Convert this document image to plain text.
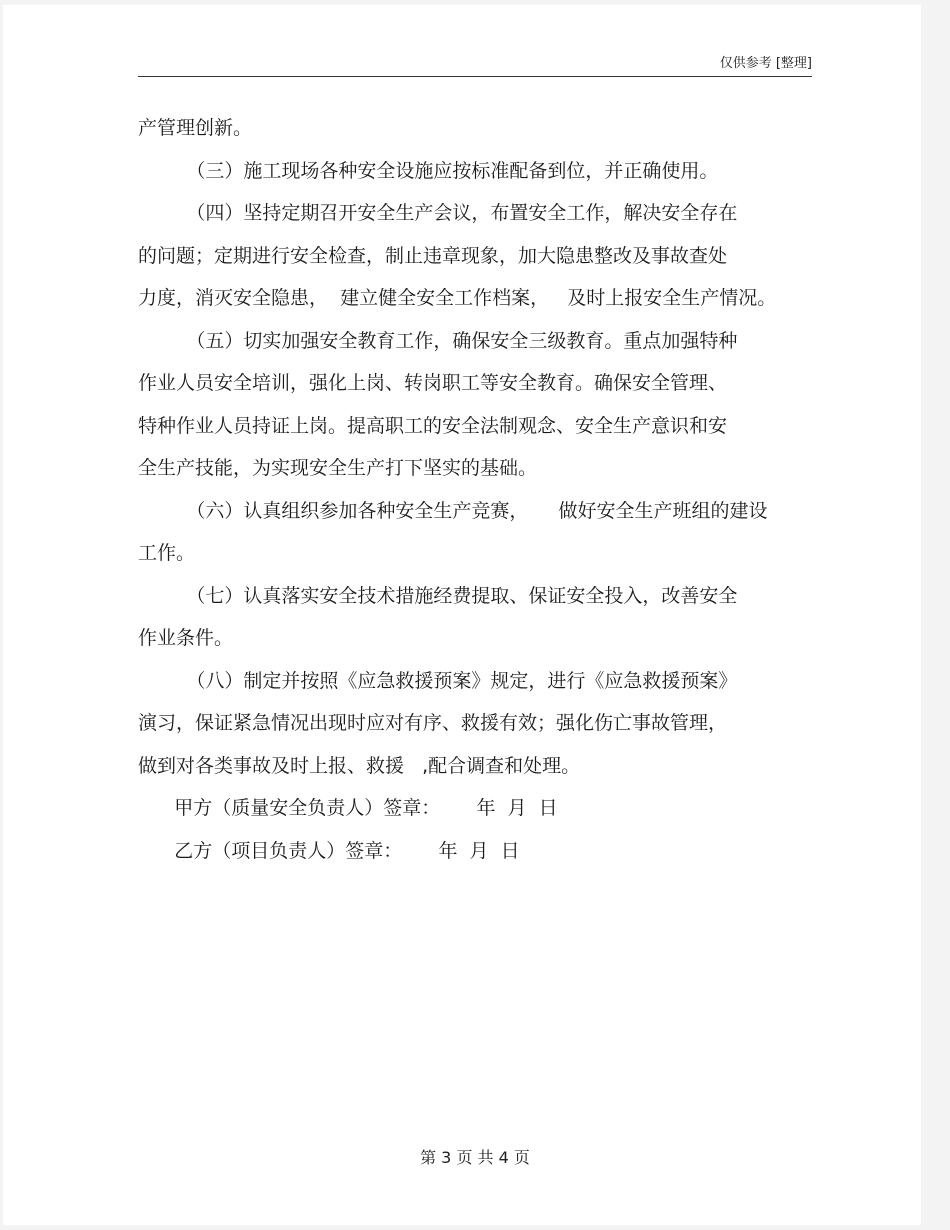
仅供参考 [整理]
产管理创新。
（三）施工现场各种安全设施应按标准配备到位，并正确使用。
（四）坚持定期召开安全生产会议，布置安全工作，解决安全存在
的问题；定期进行安全检查，制止违章现象，加大隐患整改及事故查处
力度，消灭安全隐患，  建立健全安全工作档案，   及时上报安全生产情况。
（五）切实加强安全教育工作，确保安全三级教育。重点加强特种
作业人员安全培训，强化上岗、转岗职工等安全教育。确保安全管理、
特种作业人员持证上岗。提高职工的安全法制观念、安全生产意识和安
全生产技能，为实现安全生产打下坚实的基础。
（六）认真组织参加各种安全生产竞赛，     做好安全生产班组的建设
工作。
（七）认真落实安全技术措施经费提取、保证安全投入，改善安全
作业条件。
（八）制定并按照《应急救援预案》规定，进行《应急救援预案》
演习，保证紧急情况出现时应对有序、救援有效；强化伤亡事故管理，
做到对各类事故及时上报、救援   ,配合调查和处理。
甲方（质量安全负责人）签章：      年  月  日
乙方（项目负责人）签章：      年  月  日
第 3 页 共 4 页
